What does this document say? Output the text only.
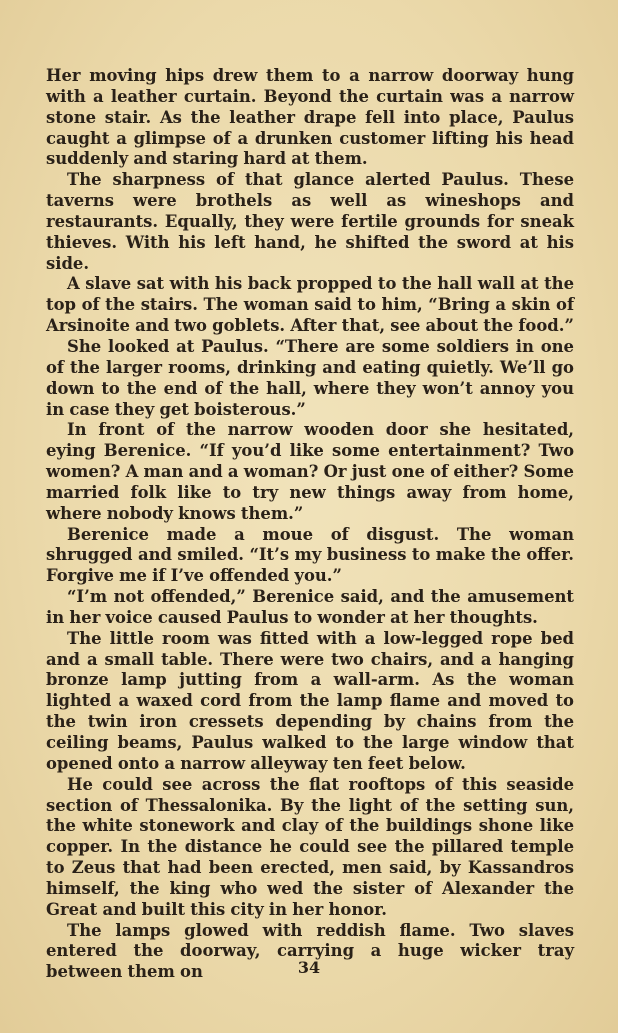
Her moving hips drew them to a narrow doorway hung with a leather curtain. Beyond the curtain was a narrow stone stair. As the leather drape fell into place, Paulus caught a glimpse of a drunken customer lifting his head suddenly and staring hard at them.

The sharpness of that glance alerted Paulus. These taverns were brothels as well as wineshops and restaurants. Equally, they were fertile grounds for sneak thieves. With his left hand, he shifted the sword at his side.

A slave sat with his back propped to the hall wall at the top of the stairs. The woman said to him, “Bring a skin of Arsinoite and two goblets. After that, see about the food.”

She looked at Paulus. “There are some soldiers in one of the larger rooms, drinking and eating quietly. We’ll go down to the end of the hall, where they won’t annoy you in case they get boisterous.”

In front of the narrow wooden door she hesitated, eying Berenice. “If you’d like some entertainment? Two women? A man and a woman? Or just one of either? Some married folk like to try new things away from home, where nobody knows them.”

Berenice made a moue of disgust. The woman shrugged and smiled. “It’s my business to make the offer. Forgive me if I’ve offended you.”

“I’m not offended,” Berenice said, and the amusement in her voice caused Paulus to wonder at her thoughts.

The little room was fitted with a low-legged rope bed and a small table. There were two chairs, and a hanging bronze lamp jutting from a wall-arm. As the woman lighted a waxed cord from the lamp flame and moved to the twin iron cressets depending by chains from the ceiling beams, Paulus walked to the large window that opened onto a narrow alleyway ten feet below.

He could see across the flat rooftops of this seaside section of Thessalonika. By the light of the setting sun, the white stonework and clay of the buildings shone like copper. In the distance he could see the pillared temple to Zeus that had been erected, men said, by Kassandros himself, the king who wed the sister of Alexander the Great and built this city in her honor.

The lamps glowed with reddish flame. Two slaves entered the doorway, carrying a huge wicker tray between them on	34
